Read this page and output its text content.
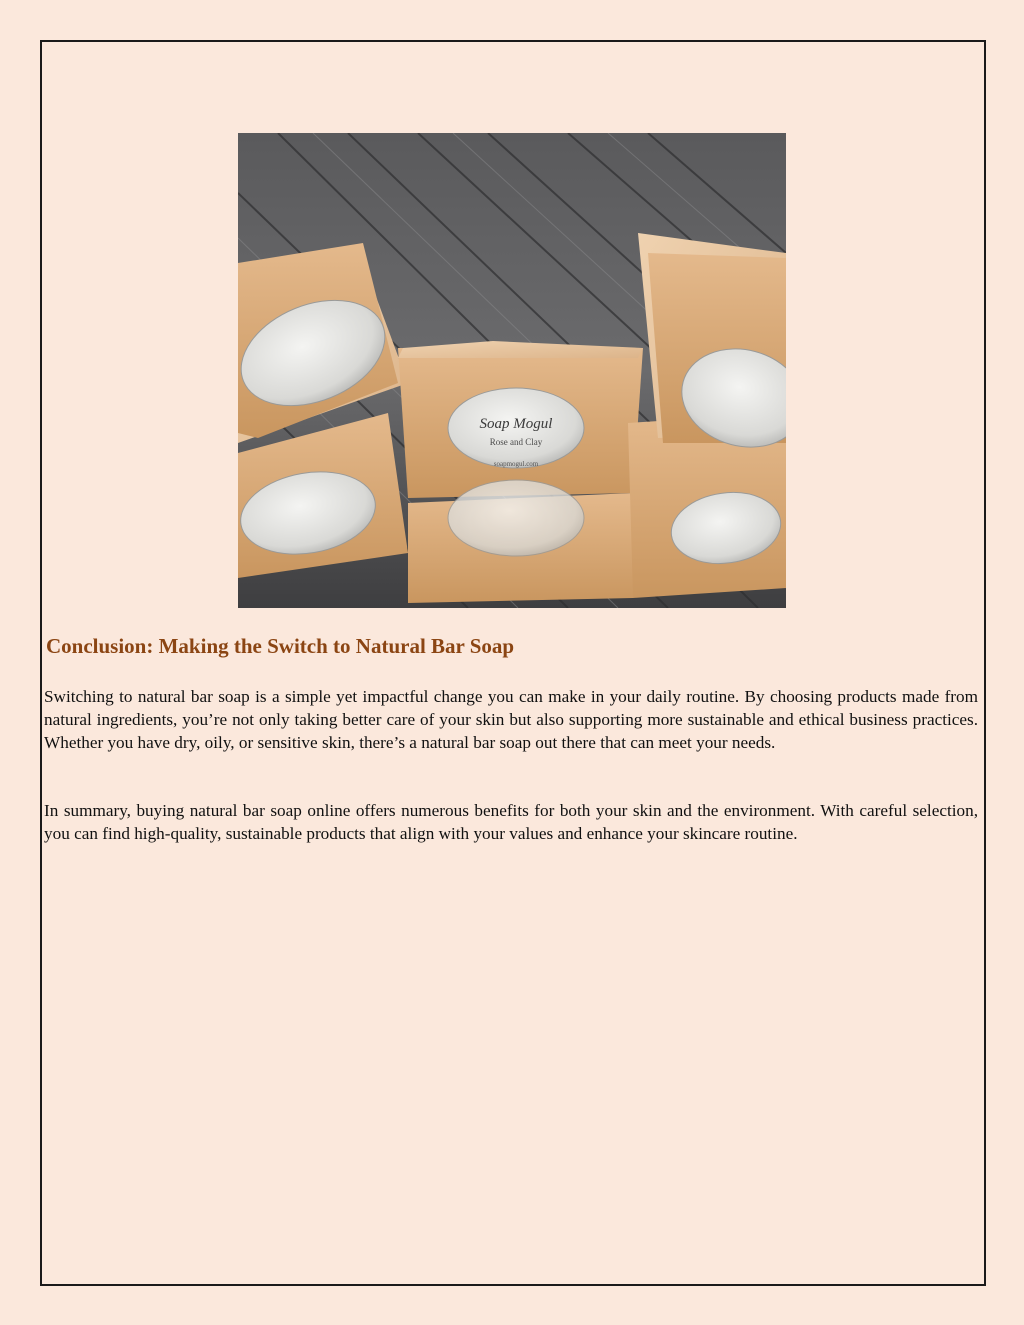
Soap Mogul
Rose and Clay
soapmogul.com
Conclusion: Making the Switch to Natural Bar Soap

Switching to natural bar soap is a simple yet impactful change you can make in your daily routine. By choosing products made from natural ingredients, you’re not only taking better care of your skin but also supporting more sustainable and ethical business practices. Whether you have dry, oily, or sensitive skin, there’s a natural bar soap out there that can meet your needs.

In summary, buying natural bar soap online offers numerous benefits for both your skin and the environment. With careful selection, you can find high-quality, sustainable products that align with your values and enhance your skincare routine.
